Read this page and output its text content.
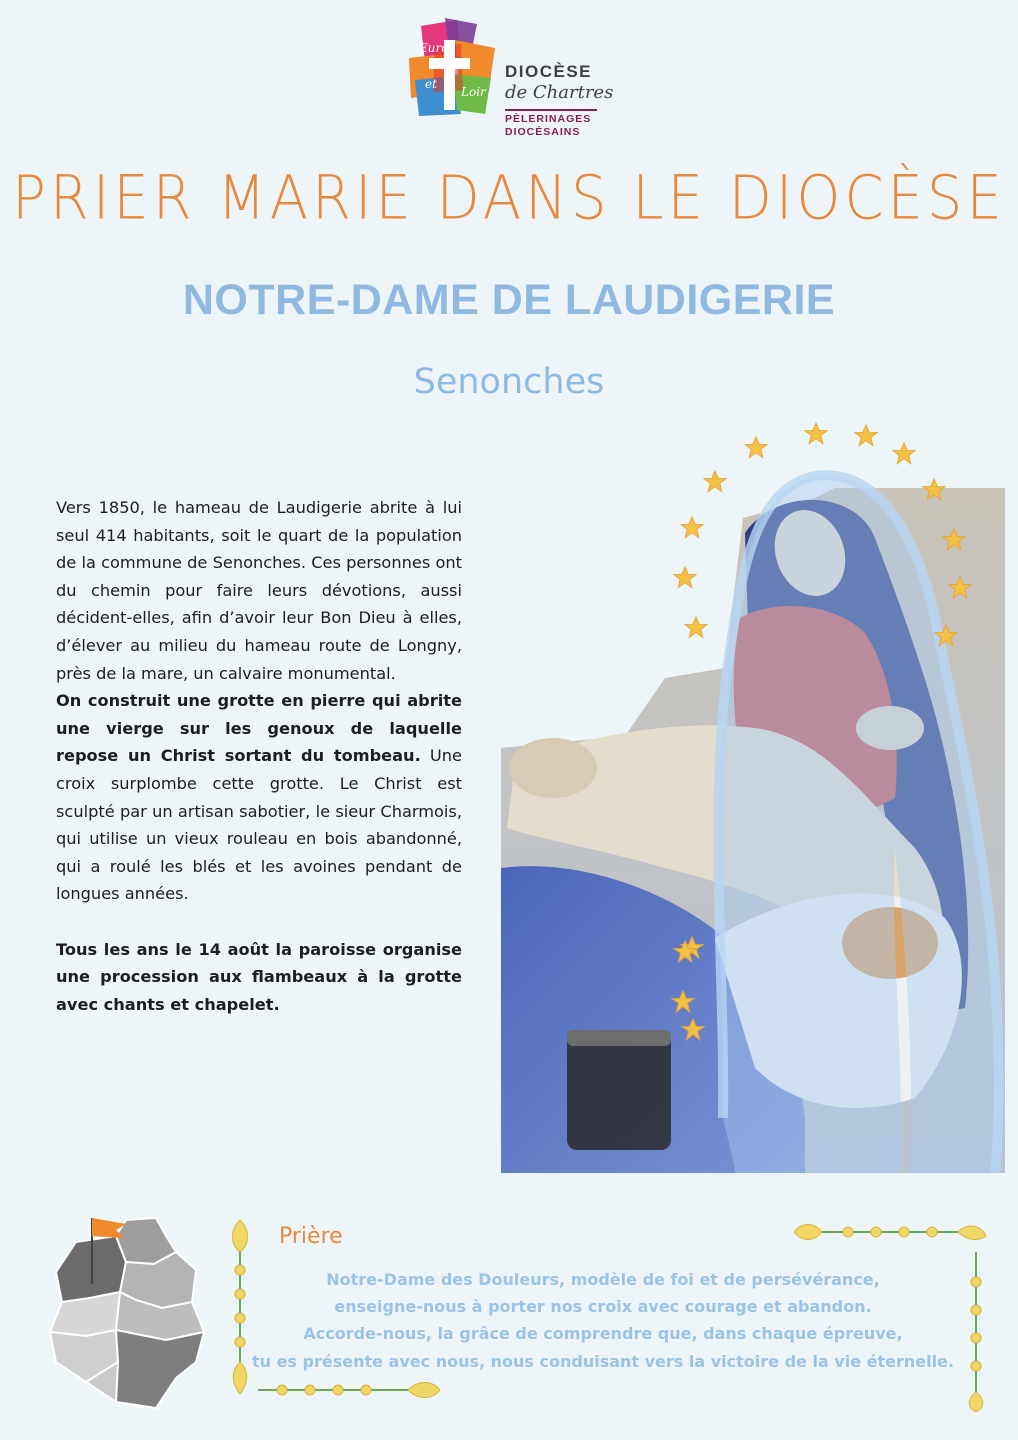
Eure
et
Loir
DIOCÈSE
de Chartres
PÈLERINAGES
DIOCÉSAINS
PRIER MARIE DANS LE DIOCÈSE
NOTRE-DAME DE LAUDIGERIE
Senonches

Vers 1850, le hameau de Laudigerie abrite à lui seul 414 habitants, soit le quart de la population de la commune de Senonches. Ces personnes ont du chemin pour faire leurs dévotions, aussi décident-elles, afin d’avoir leur Bon Dieu à elles, d’élever au milieu du hameau route de Longny, près de la mare, un calvaire monumental.

On construit une grotte en pierre qui abrite une vierge sur les genoux de laquelle repose un Christ sortant du tombeau. Une croix surplombe cette grotte. Le Christ est sculpté par un artisan sabotier, le sieur Charmois, qui utilise un vieux rouleau en bois abandonné, qui a roulé les blés et les avoines pendant de longues années.

Tous les ans le 14 août la paroisse organise une procession aux flambeaux à la grotte avec chants et chapelet.

Prière
Notre-Dame des Douleurs, modèle de foi et de persévérance,
enseigne-nous à porter nos croix avec courage et abandon.
Accorde-nous, la grâce de comprendre que, dans chaque épreuve,
tu es présente avec nous, nous conduisant vers la victoire de la vie éternelle.
